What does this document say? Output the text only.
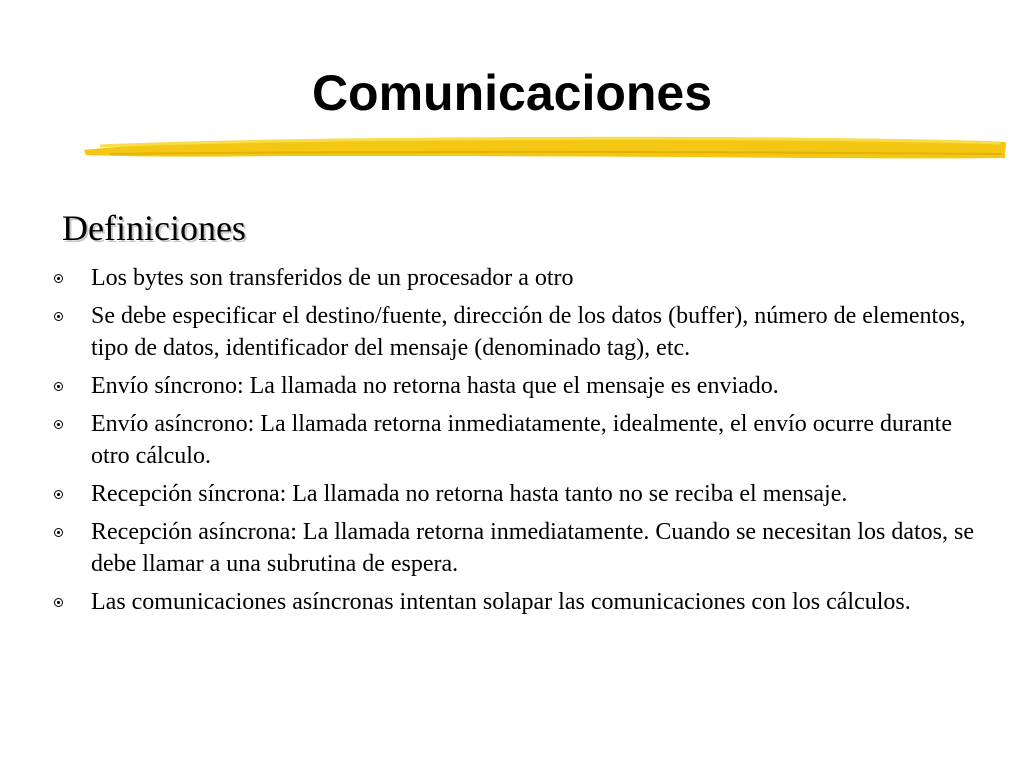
Comunicaciones
Definiciones
Los bytes son transferidos de un procesador a otro
Se debe especificar el destino/fuente, dirección de los datos (buffer), número de elementos, tipo de datos, identificador del mensaje (denominado tag), etc.
Envío síncrono: La llamada no retorna hasta que el mensaje es enviado.
Envío asíncrono: La llamada retorna inmediatamente, idealmente, el envío ocurre durante otro cálculo.
Recepción síncrona: La llamada no retorna hasta tanto no se reciba el mensaje.
Recepción asíncrona: La llamada retorna inmediatamente. Cuando se necesitan los datos, se debe llamar a una subrutina de espera.
Las comunicaciones asíncronas intentan solapar las comunicaciones con los cálculos.
